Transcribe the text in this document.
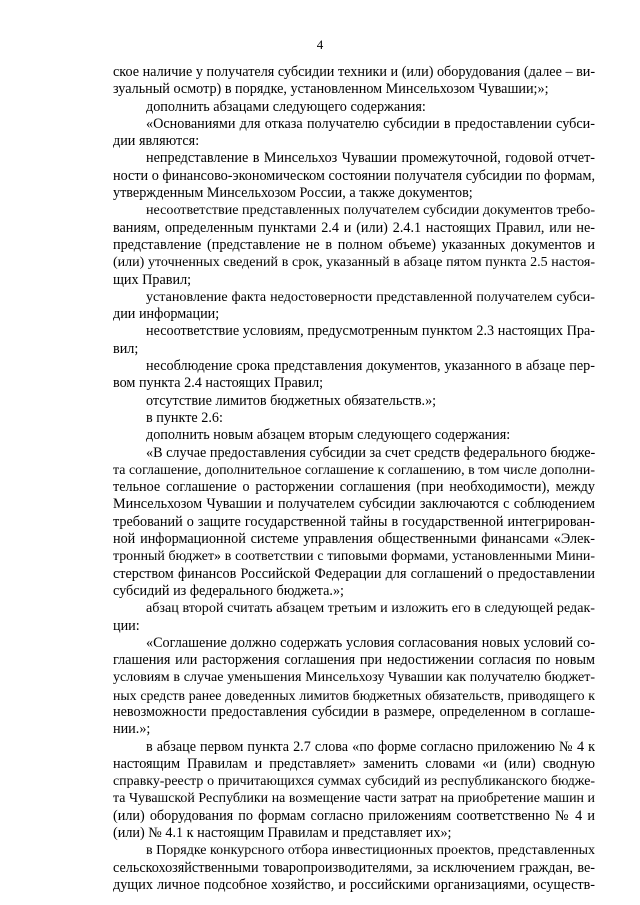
4
ское наличие у получателя субсидии техники и (или) оборудования (далее – ви-
зуальный осмотр) в порядке, установленном Минсельхозом Чувашии;»;
дополнить абзацами следующего содержания:
«Основаниями для отказа получателю субсидии в предоставлении субси-
дии являются:
непредставление в Минсельхоз Чувашии промежуточной, годовой отчет-
ности о финансово-экономическом состоянии получателя субсидии по формам,
утвержденным Минсельхозом России, а также документов;
несоответствие представленных получателем субсидии документов требо-
ваниям, определенным пунктами 2.4 и (или) 2.4.1 настоящих Правил, или не-
представление (представление не в полном объеме) указанных документов и
(или) уточненных сведений в срок, указанный в абзаце пятом пункта 2.5 настоя-
щих Правил;
установление факта недостоверности представленной получателем субси-
дии информации;
несоответствие условиям, предусмотренным пунктом 2.3 настоящих Пра-
вил;
несоблюдение срока представления документов, указанного в абзаце пер-
вом пункта 2.4 настоящих Правил;
отсутствие лимитов бюджетных обязательств.»;
в пункте 2.6:
дополнить новым абзацем вторым следующего содержания:
«В случае предоставления субсидии за счет средств федерального бюдже-
та соглашение, дополнительное соглашение к соглашению, в том числе дополни-
тельное соглашение о расторжении соглашения (при необходимости), между
Минсельхозом Чувашии и получателем субсидии заключаются с соблюдением
требований о защите государственной тайны в государственной интегрирован-
ной информационной системе управления общественными финансами «Элек-
тронный бюджет» в соответствии с типовыми формами, установленными Мини-
стерством финансов Российской Федерации для соглашений о предоставлении
субсидий из федерального бюджета.»;
абзац второй считать абзацем третьим и изложить его в следующей редак-
ции:
«Соглашение должно содержать условия согласования новых условий со-
глашения или расторжения соглашения при недостижении согласия по новым
условиям в случае уменьшения Минсельхозу Чувашии как получателю бюджет-
ных средств ранее доведенных лимитов бюджетных обязательств, приводящего к
невозможности предоставления субсидии в размере, определенном в соглаше-
нии.»;
в абзаце первом пункта 2.7 слова «по форме согласно приложению № 4 к
настоящим Правилам и представляет» заменить словами «и (или) сводную
справку-реестр о причитающихся суммах субсидий из республиканского бюдже-
та Чувашской Республики на возмещение части затрат на приобретение машин и
(или) оборудования по формам согласно приложениям соответственно № 4 и
(или) № 4.1 к настоящим Правилам и представляет их»;
в Порядке конкурсного отбора инвестиционных проектов, представленных
сельскохозяйственными товаропроизводителями, за исключением граждан, ве-
дущих личное подсобное хозяйство, и российскими организациями, осуществ-
